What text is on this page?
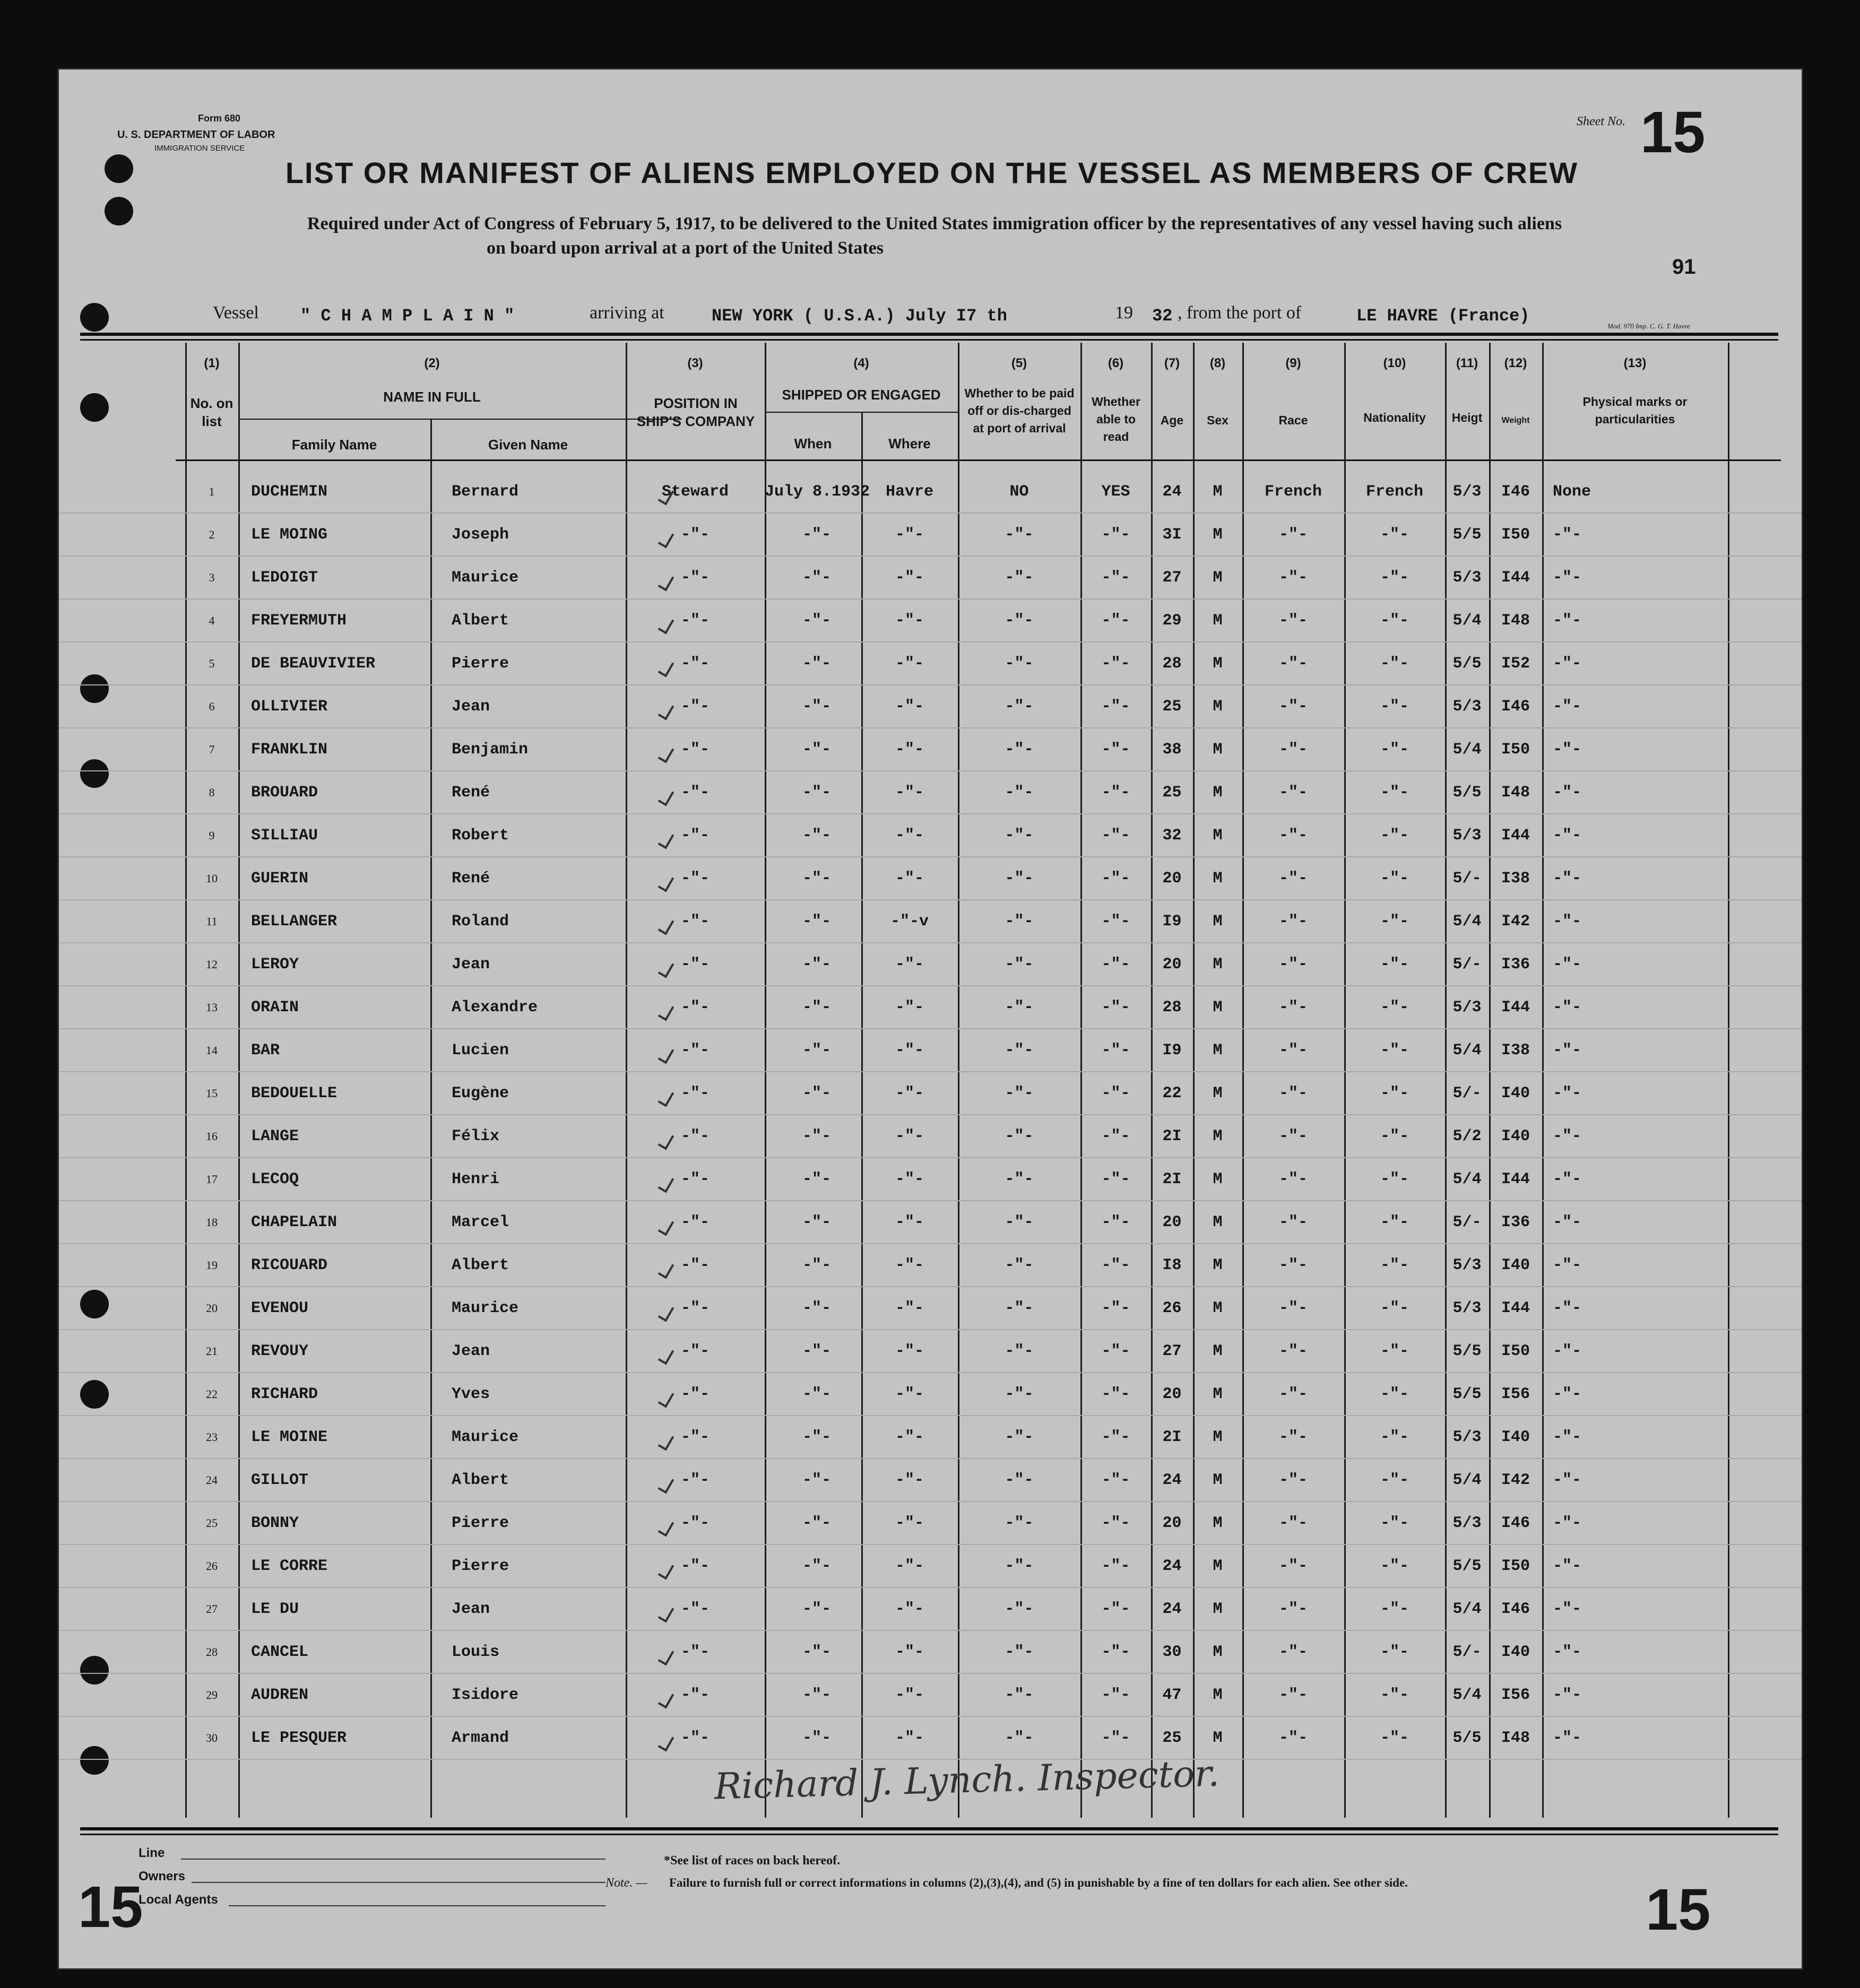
Form 680
U. S. DEPARTMENT OF LABOR
IMMIGRATION SERVICE
Sheet No. 15
LIST OR MANIFEST OF ALIENS EMPLOYED ON THE VESSEL AS MEMBERS OF CREW
Required under Act of Congress of February 5, 1917, to be delivered to the United States immigration officer by the representatives of any vessel having such aliens
on board upon arrival at a port of the United States
91
Vessel " C H A M P L A I N "	arriving at	NEW YORK ( U.S.A.) July I7 th	19 32 , from the port of	LE HAVRE (France)
Mod. 970 Imp. C. G. T. Havre
(1)	(2)	(3)	(4)	(5)	(6)	(7)	(8)	(9)	(10)	(11)	(12)	(13)
No. on list
NAME IN FULL
Family Name	Given Name
POSITION IN SHIP'S COMPANY
SHIPPED OR ENGAGED
When	Where
Whether to be paid off or dis-charged at port of arrival
Whether able to read
Age	Sex	Race	Nationality	Heigt	Weight
Physical marks or particularities
1	DUCHEMIN	Bernard	Steward	July 8.1932 Havre	NO	YES	24	M	French	French	5/3	I46	None
2	LE MOING	Joseph	-"-	-"-	-"-	-"-	-"-	3I	M	-"-	-"-	5/5	I50	-"-
3	LEDOIGT	Maurice	-"-	-"-	-"-	-"-	-"-	27	M	-"-	-"-	5/3	I44	-"-
4	FREYERMUTH	Albert	-"-	-"-	-"-	-"-	-"-	29	M	-"-	-"-	5/4	I48	-"-
5	DE BEAUVIVIER	Pierre	-"-	-"-	-"-	-"-	-"-	28	M	-"-	-"-	5/5	I52	-"-
6	OLLIVIER	Jean	-"-	-"-	-"-	-"-	-"-	25	M	-"-	-"-	5/3	I46	-"-
7	FRANKLIN	Benjamin	-"-	-"-	-"-	-"-	-"-	38	M	-"-	-"-	5/4	I50	-"-
8	BROUARD	René	-"-	-"-	-"-	-"-	-"-	25	M	-"-	-"-	5/5	I48	-"-
9	SILLIAU	Robert	-"-	-"-	-"-	-"-	-"-	32	M	-"-	-"-	5/3	I44	-"-
10	GUERIN	René	-"-	-"-	-"-	-"-	-"-	20	M	-"-	-"-	5/-	I38	-"-
11	BELLANGER	Roland	-"-	-"-	-"-v	-"-	-"-	I9	M	-"-	-"-	5/4	I42	-"-
12	LEROY	Jean	-"-	-"-	-"-	-"-	-"-	20	M	-"-	-"-	5/-	I36	-"-
13	ORAIN	Alexandre	-"-	-"-	-"-	-"-	-"-	28	M	-"-	-"-	5/3	I44	-"-
14	BAR	Lucien	-"-	-"-	-"-	-"-	-"-	I9	M	-"-	-"-	5/4	I38	-"-
15	BEDOUELLE	Eugène	-"-	-"-	-"-	-"-	-"-	22	M	-"-	-"-	5/-	I40	-"-
16	LANGE	Félix	-"-	-"-	-"-	-"-	-"-	2I	M	-"-	-"-	5/2	I40	-"-
17	LECOQ	Henri	-"-	-"-	-"-	-"-	-"-	2I	M	-"-	-"-	5/4	I44	-"-
18	CHAPELAIN	Marcel	-"-	-"-	-"-	-"-	-"-	20	M	-"-	-"-	5/-	I36	-"-
19	RICOUARD	Albert	-"-	-"-	-"-	-"-	-"-	I8	M	-"-	-"-	5/3	I40	-"-
20	EVENOU	Maurice	-"-	-"-	-"-	-"-	-"-	26	M	-"-	-"-	5/3	I44	-"-
21	REVOUY	Jean	-"-	-"-	-"-	-"-	-"-	27	M	-"-	-"-	5/5	I50	-"-
22	RICHARD	Yves	-"-	-"-	-"-	-"-	-"-	20	M	-"-	-"-	5/5	I56	-"-
23	LE MOINE	Maurice	-"-	-"-	-"-	-"-	-"-	2I	M	-"-	-"-	5/3	I40	-"-
24	GILLOT	Albert	-"-	-"-	-"-	-"-	-"-	24	M	-"-	-"-	5/4	I42	-"-
25	BONNY	Pierre	-"-	-"-	-"-	-"-	-"-	20	M	-"-	-"-	5/3	I46	-"-
26	LE CORRE	Pierre	-"-	-"-	-"-	-"-	-"-	24	M	-"-	-"-	5/5	I50	-"-
27	LE DU	Jean	-"-	-"-	-"-	-"-	-"-	24	M	-"-	-"-	5/4	I46	-"-
28	CANCEL	Louis	-"-	-"-	-"-	-"-	-"-	30	M	-"-	-"-	5/-	I40	-"-
29	AUDREN	Isidore	-"-	-"-	-"-	-"-	-"-	47	M	-"-	-"-	5/4	I56	-"-
30	LE PESQUER	Armand	-"-	-"-	-"-	-"-	-"-	25	M	-"-	-"-	5/5	I48	-"-
Richard J. Lynch. Inspector.
Line
Owners
Local Agents
*See list of races on back hereof.
Note. — Failure to furnish full or correct informations in columns (2),(3),(4), and (5) in punishable by a fine of ten dollars for each alien. See other side.
15	15
